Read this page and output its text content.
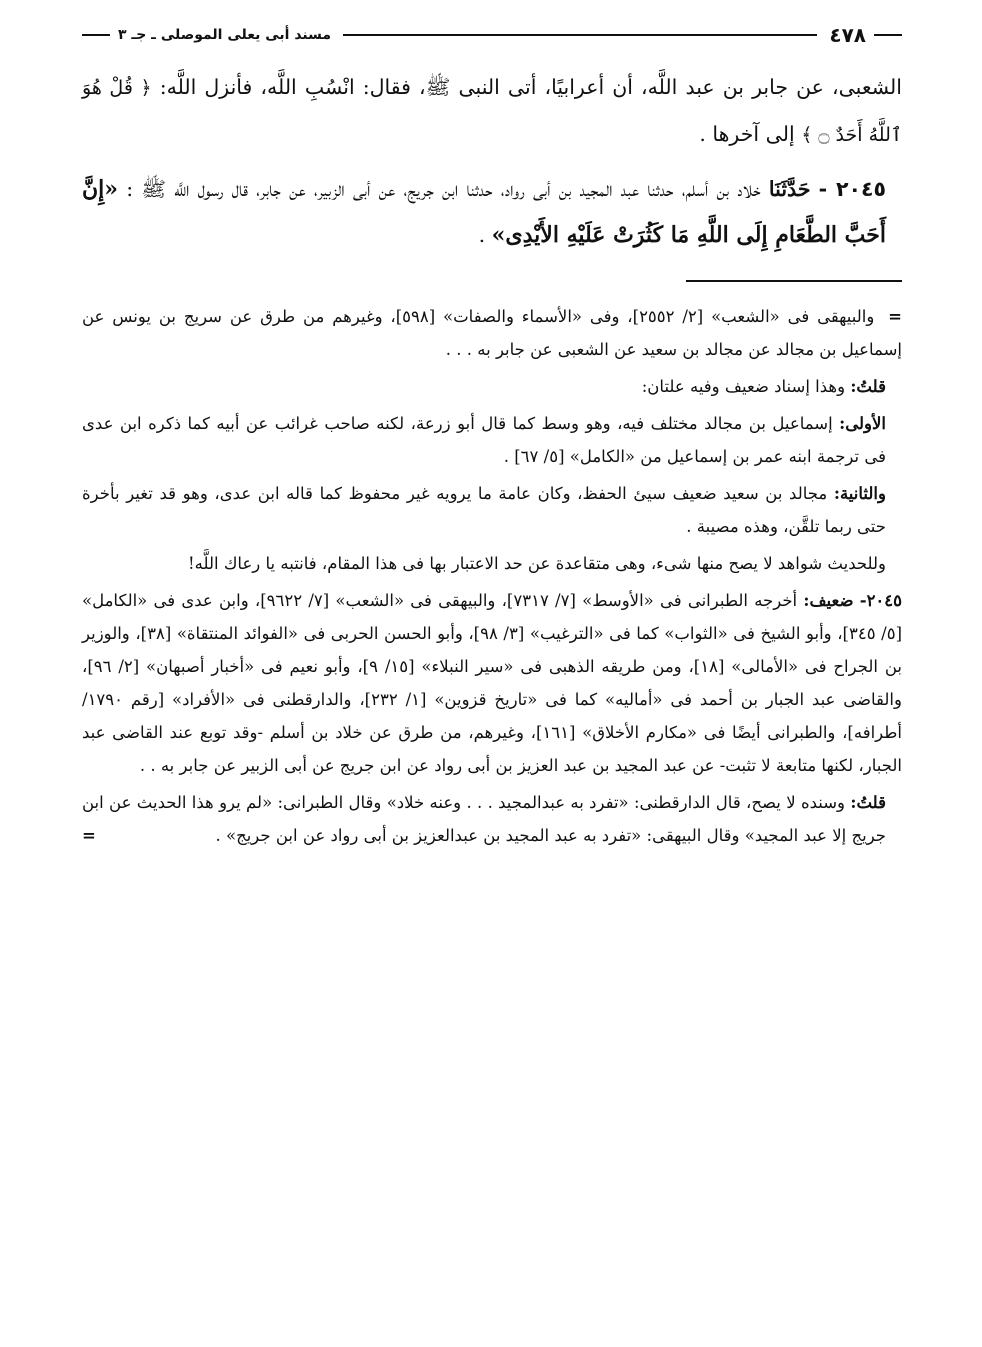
٤٧٨
مسند أبى يعلى الموصلى ـ جـ ٣

الشعبى، عن جابر بن عبد اللَّه، أن أعرابيًا، أتى النبى ﷺ، فقال: انْسُبِ اللَّه، فأنزل اللَّه: ﴿ قُلْ هُوَ ٱللَّهُ أَحَدٌ ۝ ﴾ إلى آخرها .

٢٠٤٥ - حَدَّثَنَا خلاد بن أسلم، حدثنا عبد المجيد بن أبى رواد، حدثنا ابن جريج، عن أبى الزبير، عن جابر، قال رسول اللَّه ﷺ : «إِنَّ أَحَبَّ الطَّعَامِ إِلَى اللَّهِ مَا كَثُرَتْ عَلَيْهِ الأَيْدِى» .

= والبيهقى فى «الشعب» [٢/ ٢٥٥٢]، وفى «الأسماء والصفات» [٥٩٨]، وغيرهم من طرق عن سريج بن يونس عن إسماعيل بن مجالد عن مجالد بن سعيد عن الشعبى عن جابر به . . .

قلتُ: وهذا إسناد ضعيف وفيه علتان:

الأولى: إسماعيل بن مجالد مختلف فيه، وهو وسط كما قال أبو زرعة، لكنه صاحب غرائب عن أبيه كما ذكره ابن عدى فى ترجمة ابنه عمر بن إسماعيل من «الكامل» [٥/ ٦٧] .

والثانية: مجالد بن سعيد ضعيف سيئ الحفظ، وكان عامة ما يرويه غير محفوظ كما قاله ابن عدى، وهو قد تغير بأخرة حتى ربما تلقَّن، وهذه مصيبة .

وللحديث شواهد لا يصح منها شىء، وهى متقاعدة عن حد الاعتبار بها فى هذا المقام، فانتبه يا رعاك اللَّه!

٢٠٤٥- ضعيف: أخرجه الطبرانى فى «الأوسط» [٧/ ٧٣١٧]، والبيهقى فى «الشعب» [٧/ ٩٦٢٢]، وابن عدى فى «الكامل» [٥/ ٣٤٥]، وأبو الشيخ فى «الثواب» كما فى «الترغيب» [٣/ ٩٨]، وأبو الحسن الحربى فى «الفوائد المنتقاة» [٣٨]، والوزير بن الجراح فى «الأمالى» [١٨]، ومن طريقه الذهبى فى «سير النبلاء» [١٥/ ٩]، وأبو نعيم فى «أخبار أصبهان» [٢/ ٩٦]، والقاضى عبد الجبار بن أحمد فى «أماليه» كما فى «تاريخ قزوين» [١/ ٢٣٢]، والدارقطنى فى «الأفراد» [رقم ١٧٩٠/ أطرافه]، والطبرانى أيضًا فى «مكارم الأخلاق» [١٦١]، وغيرهم، من طرق عن خلاد بن أسلم -وقد توبع عند القاضى عبد الجبار، لكنها متابعة لا تثبت- عن عبد المجيد بن عبد العزيز بن أبى رواد عن ابن جريج عن أبى الزبير عن جابر به . .

قلتُ: وسنده لا يصح، قال الدارقطنى: «تفرد به عبدالمجيد . . . وعنه خلاد» وقال الطبرانى: «لم يرو هذا الحديث عن ابن جريج إلا عبد المجيد» وقال البيهقى: «تفرد به عبد المجيد بن عبدالعزيز بن أبى رواد عن ابن جريج» .
=
